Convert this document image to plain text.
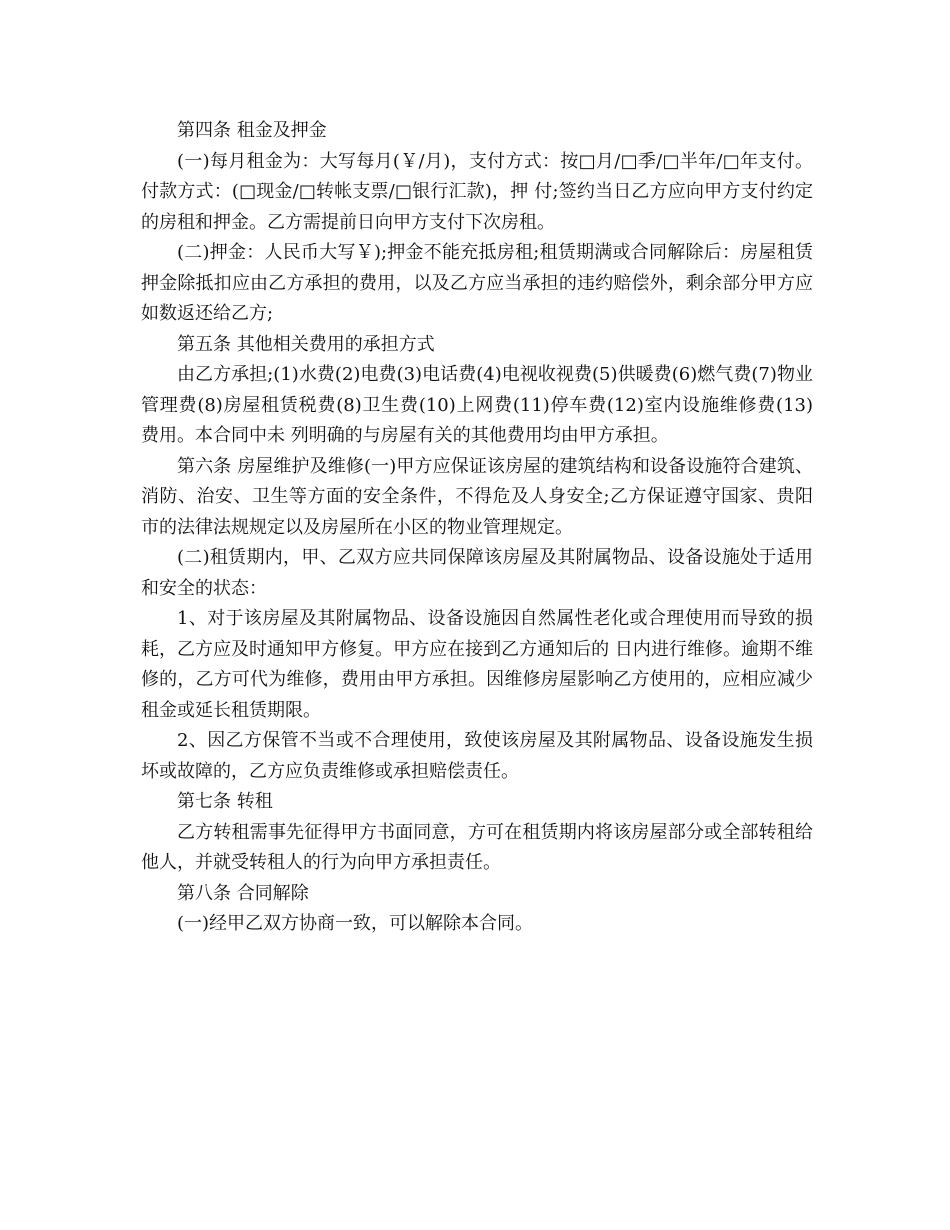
第四条 租金及押金

(一)每月租金为：大写每月(￥/月)，支付方式：按□月/□季/□半年/□年支付。付款方式：(□现金/□转帐支票/□银行汇款)，押 付;签约当日乙方应向甲方支付约定的房租和押金。乙方需提前日向甲方支付下次房租。

(二)押金：人民币大写￥);押金不能充抵房租;租赁期满或合同解除后：房屋租赁押金除抵扣应由乙方承担的费用，以及乙方应当承担的违约赔偿外，剩余部分甲方应如数返还给乙方;

第五条 其他相关费用的承担方式

由乙方承担;(1)水费(2)电费(3)电话费(4)电视收视费(5)供暖费(6)燃气费(7)物业管理费(8)房屋租赁税费(8)卫生费(10)上网费(11)停车费(12)室内设施维修费(13) 费用。本合同中未 列明确的与房屋有关的其他费用均由甲方承担。

第六条 房屋维护及维修(一)甲方应保证该房屋的建筑结构和设备设施符合建筑、消防、治安、卫生等方面的安全条件，不得危及人身安全;乙方保证遵守国家、贵阳市的法律法规规定以及房屋所在小区的物业管理规定。

(二)租赁期内，甲、乙双方应共同保障该房屋及其附属物品、设备设施处于适用和安全的状态：

1、对于该房屋及其附属物品、设备设施因自然属性老化或合理使用而导致的损耗，乙方应及时通知甲方修复。甲方应在接到乙方通知后的 日内进行维修。逾期不维修的，乙方可代为维修，费用由甲方承担。因维修房屋影响乙方使用的，应相应减少租金或延长租赁期限。

2、因乙方保管不当或不合理使用，致使该房屋及其附属物品、设备设施发生损坏或故障的，乙方应负责维修或承担赔偿责任。

第七条 转租

乙方转租需事先征得甲方书面同意，方可在租赁期内将该房屋部分或全部转租给他人，并就受转租人的行为向甲方承担责任。

第八条 合同解除

(一)经甲乙双方协商一致，可以解除本合同。
